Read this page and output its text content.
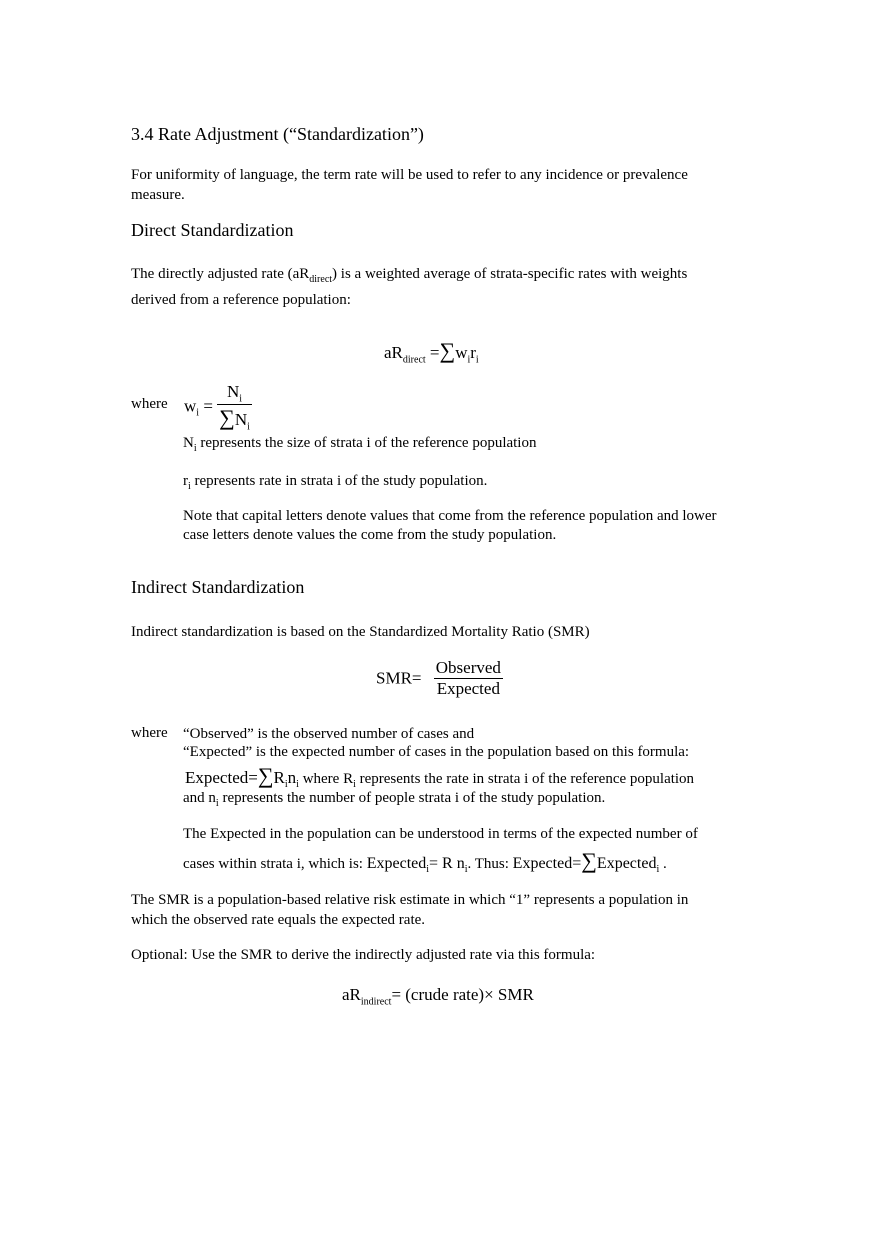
3.4 Rate Adjustment (“Standardization”)
For uniformity of language, the term rate will be used to refer to any incidence or prevalence
measure.
Direct Standardization
The directly adjusted rate $(aR_{direct})$ is a weighted average of strata-specific rates with weights
derived from a reference population:
$aR_{direct} =\sum w_ir_i$
where $w_i = \frac{N_i}{\sum N_i}$
$N_i$ represents the size of strata i of the reference population
$r_i$ represents rate in strata i of the study population.
Note that capital letters denote values that come from the reference population and lower
case letters denote values the come from the study population.
Indirect Standardization
Indirect standardization is based on the Standardized Mortality Ratio (SMR)
$SMR= \frac{\text{Observed}}{\text{Expected}}$
where “Observed” is the observed number of cases and
“Expected” is the expected number of cases in the population based on this formula:
$Expected=\sum R_in_i$ where $R_i$ represents the rate in strata i of the reference population
and $n_i$ represents the number of people strata i of the study population.
The Expected in the population can be understood in terms of the expected number of
cases within strata i, which is: Expected$_i$= R $n_i$. Thus: Expected=∑Expected$_i$ .
The SMR is a population-based relative risk estimate in which “1” represents a population in
which the observed rate equals the expected rate.
Optional: Use the SMR to derive the indirectly adjusted rate via this formula:
$aR_{indirect}=$ (crude rate)× SMR
